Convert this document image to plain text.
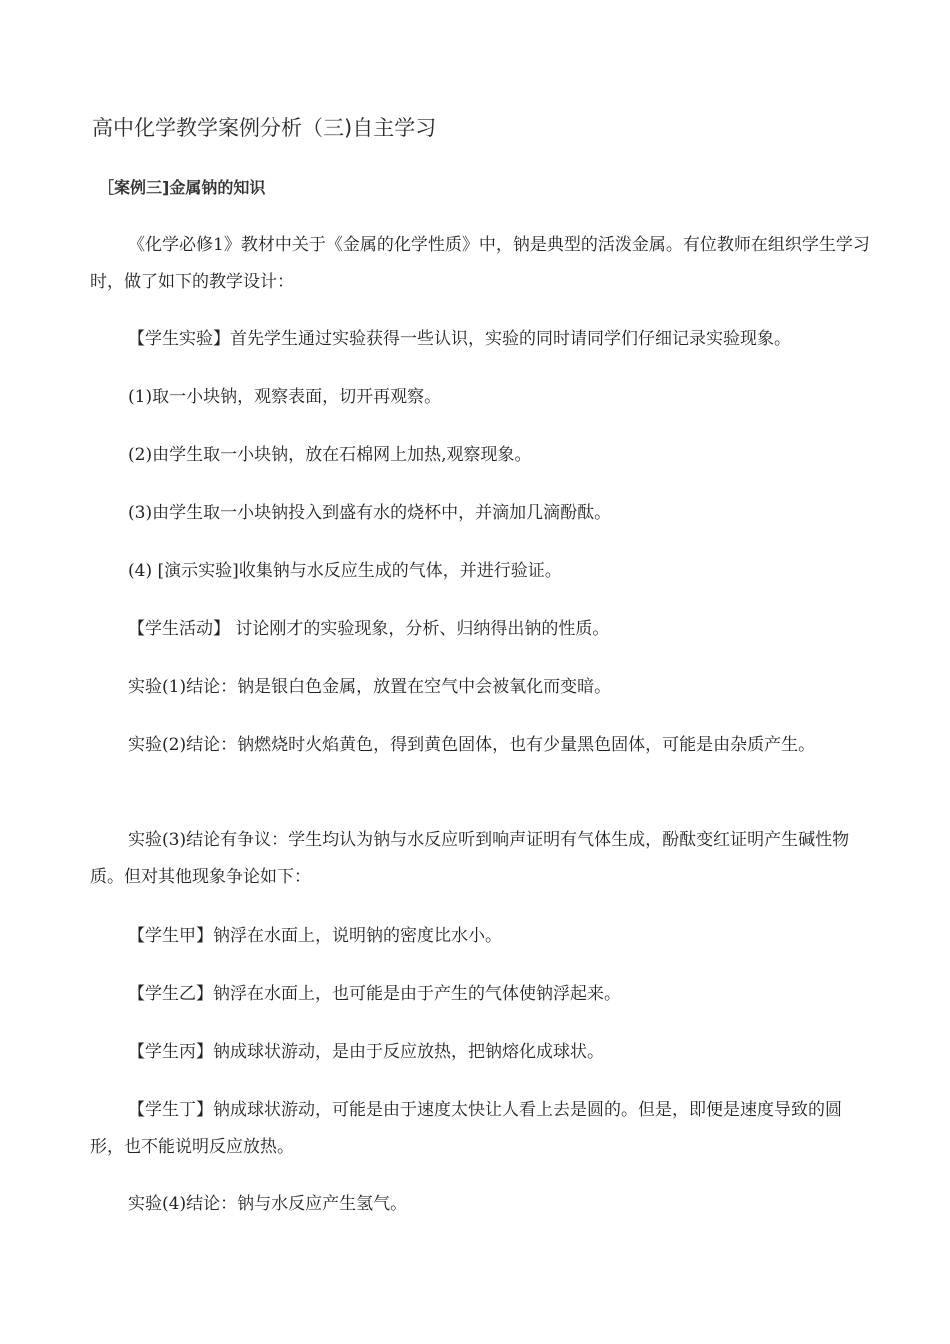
高中化学教学案例分析（三)自主学习
［案例三]金属钠的知识

《化学必修1》教材中关于《金属的化学性质》中，钠是典型的活泼金属。有位教师在组织学生学习时，做了如下的教学设计：

【学生实验】首先学生通过实验获得一些认识，实验的同时请同学们仔细记录实验现象。

(1)取一小块钠，观察表面，切开再观察。

(2)由学生取一小块钠，放在石棉网上加热,观察现象。

(3)由学生取一小块钠投入到盛有水的烧杯中，并滴加几滴酚酞。

(4) [演示实验]收集钠与水反应生成的气体，并进行验证。

【学生活动】 讨论刚才的实验现象，分析、归纳得出钠的性质。

实验(1)结论：钠是银白色金属，放置在空气中会被氧化而变暗。

实验(2)结论：钠燃烧时火焰黄色，得到黄色固体，也有少量黑色固体，可能是由杂质产生。

实验(3)结论有争议：学生均认为钠与水反应听到响声证明有气体生成，酚酞变红证明产生碱性物质。但对其他现象争论如下：

【学生甲】钠浮在水面上，说明钠的密度比水小。

【学生乙】钠浮在水面上，也可能是由于产生的气体使钠浮起来。

【学生丙】钠成球状游动，是由于反应放热，把钠熔化成球状。

【学生丁】钠成球状游动，可能是由于速度太快让人看上去是圆的。但是，即便是速度导致的圆形，也不能说明反应放热。

实验(4)结论：钠与水反应产生氢气。
